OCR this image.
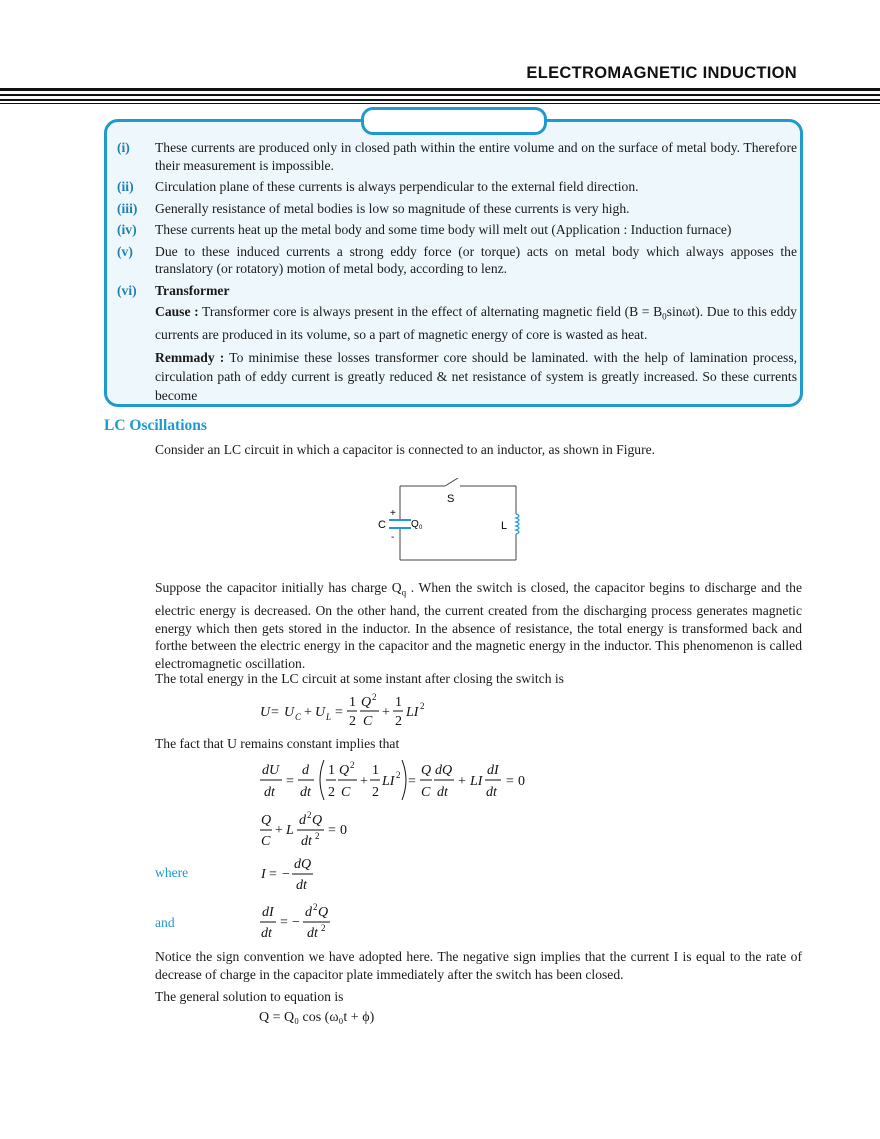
ELECTROMAGNETIC INDUCTION
(i)	These currents are produced only in closed path within the entire volume and on the surface of metal body. Therefore their measurement is impossible.
(ii)	Circulation plane of these currents is always perpendicular to the external field direction.
(iii)	Generally resistance of metal bodies is low so magnitude of these currents is very high.
(iv)	These currents heat up the metal body and some time body will melt out (Application : Induction furnace)
(v)	Due to these induced currents a strong eddy force (or torque) acts on metal body which always apposes the translatory (or rotatory) motion of metal body, according to lenz.
(vi)	Transformer
Cause : Transformer core is always present in the effect of alternating magnetic field $(B = B_0\sin\omega t)$. Due to this eddy currents are produced in its volume, so a part of magnetic energy of core is wasted as heat.
Remmady : To minimise these losses transformer core should be laminated. with the help of lamination process, circulation path of eddy current is greatly reduced & net resistance of system is greatly increased. So these currents become
LC Oscillations
Consider an LC circuit in which a capacitor is connected to an inductor, as shown in Figure.
S
+
-
C	Q 0	L
Suppose the capacitor initially has charge $Q_q$ . When the switch is closed, the capacitor begins to discharge and the electric energy is decreased. On the other hand, the current created from the discharging process generates magnetic energy which then gets stored in the inductor. In the absence of resistance, the total energy is transformed back and forthe between the electric energy in the capacitor and the magnetic energy in the inductor. This phenomenon is called electromagnetic oscillation.
The total energy in the LC circuit at some instant after closing the switch is
U = U C + U L =
1
2
Q 2
C
+
1
2
LI 2
The fact that U remains constant implies that
dU
dt
=
d
dt
1
2
Q 2
C
+
1
2
LI 2 =
Q
C
dQ
dt
+ LI
dI
dt
= 0
Q
C
+ L
d 2 Q
dt 2 = 0
where	I = −
dQ
dt
and
dI
dt
= −
d 2 Q
dt 2
Notice the sign convention we have adopted here. The negative sign implies that the current I is equal to the rate of decrease of charge in the capacitor plate immediately after the switch has been closed.
The general solution to equation is
Q = Q₀ cos (ω₀t + ϕ)
